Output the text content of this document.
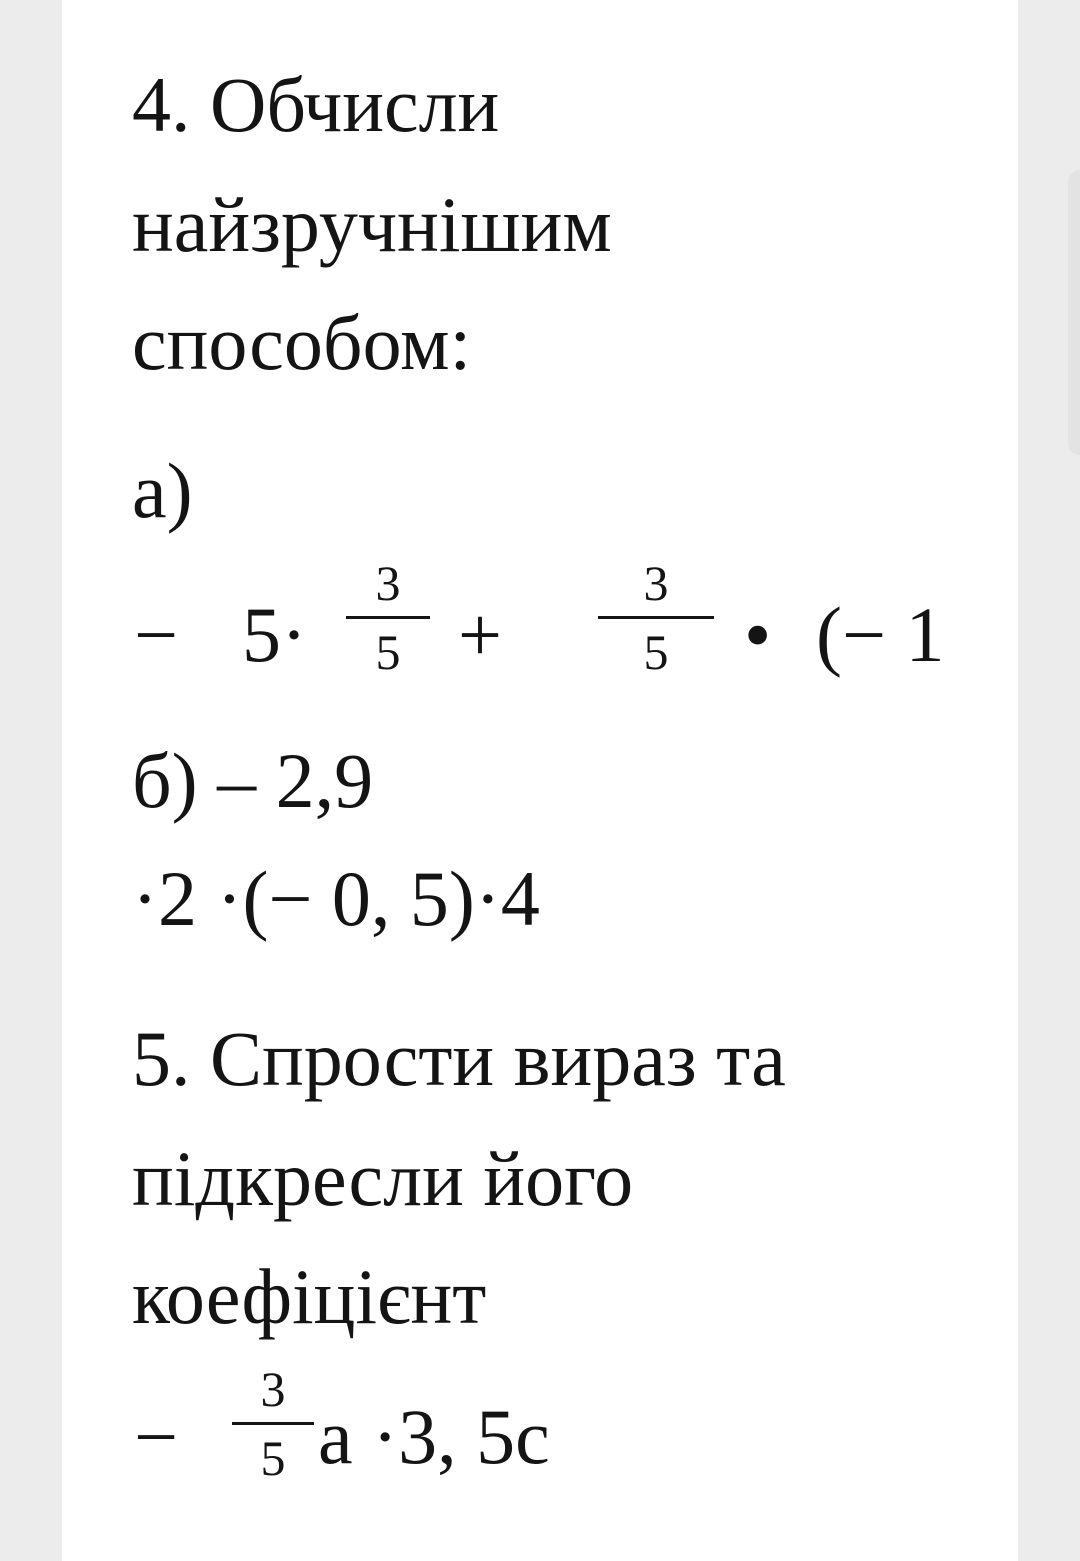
4. Обчисли
найзручнішим
способом:
а)
− 5·
3
5 +
3
5 • (− 1
б) – 2,9
·2 ·(− 0, 5)·4
5. Спрости вираз та
підкресли його
коефіцієнт
−
3
5 a ·3, 5c
